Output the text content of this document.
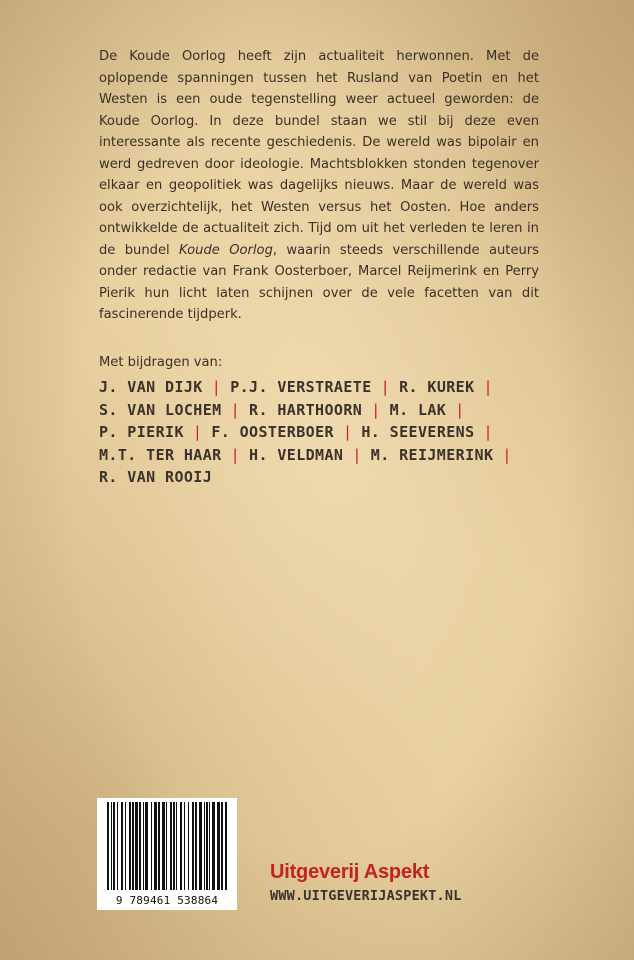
De Koude Oorlog heeft zijn actualiteit herwonnen. Met de oplopende spanningen tussen het Rusland van Poetin en het Westen is een oude tegenstelling weer actueel geworden: de Koude Oorlog. In deze bundel staan we stil bij deze even interessante als recente geschiedenis. De wereld was bipolair en werd gedreven door ideologie. Machtsblokken stonden tegenover elkaar en geopolitiek was dagelijks nieuws. Maar de wereld was ook overzichtelijk, het Westen versus het Oosten. Hoe anders ontwikkelde de actualiteit zich. Tijd om uit het verleden te leren in de bundel Koude Oorlog, waarin steeds verschillende auteurs onder redactie van Frank Oosterboer, Marcel Reijmerink en Perry Pierik hun licht laten schijnen over de vele facetten van dit fascinerende tijdperk.

Met bijdragen van:
J. VAN DIJK | P.J. VERSTRAETE | R. KUREK |
S. VAN LOCHEM | R. HARTHOORN | M. LAK |
P. PIERIK | F. OOSTERBOER | H. SEEVERENS |
M.T. TER HAAR | H. VELDMAN | M. REIJMERINK |
R. VAN ROOIJ
9 789461 538864
Uitgeverij Aspekt
WWW.UITGEVERIJASPEKT.NL
